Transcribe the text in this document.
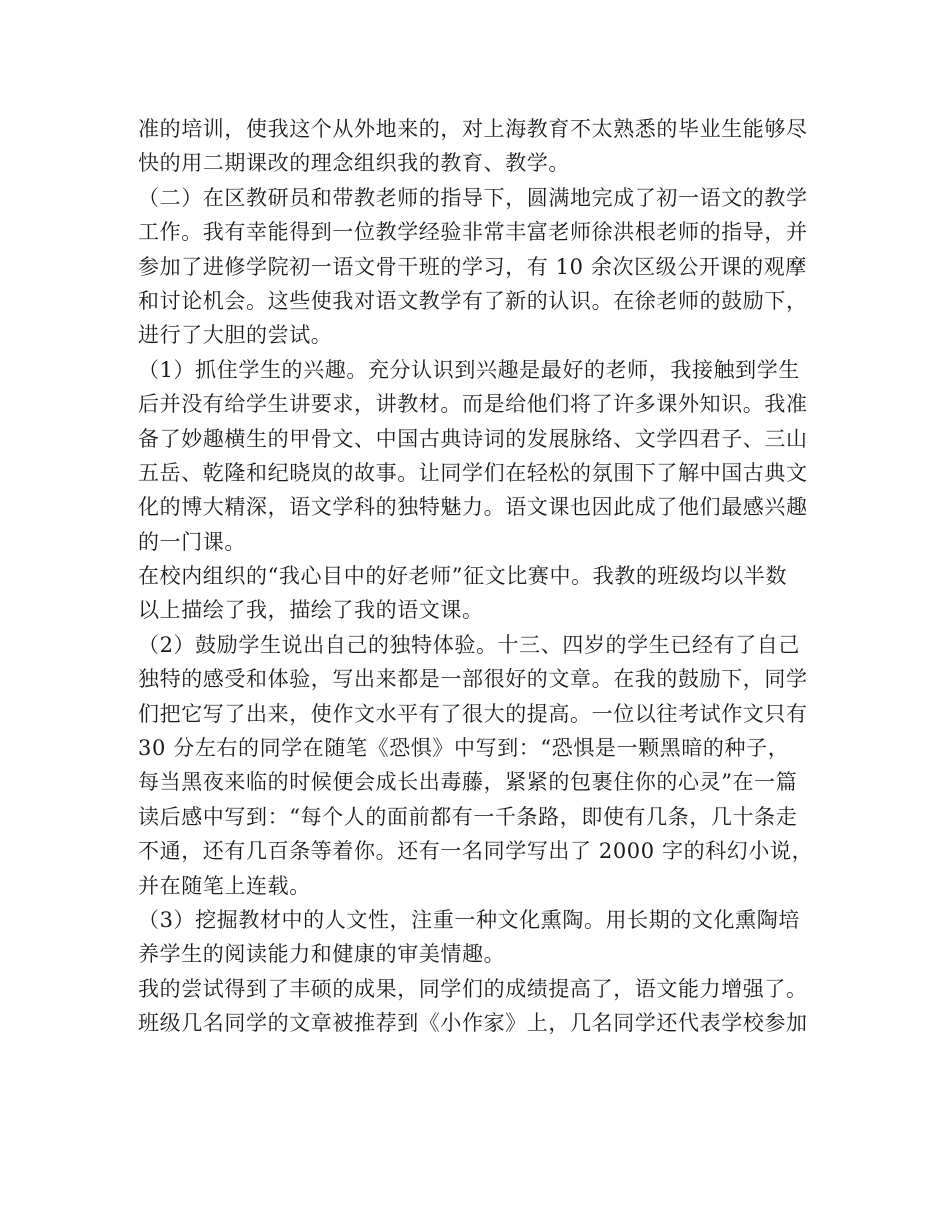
准的培训，使我这个从外地来的，对上海教育不太熟悉的毕业生能够尽
快的用二期课改的理念组织我的教育、教学。
（二）在区教研员和带教老师的指导下，圆满地完成了初一语文的教学
工作。我有幸能得到一位教学经验非常丰富老师徐洪根老师的指导，并
参加了进修学院初一语文骨干班的学习，有 10 余次区级公开课的观摩
和讨论机会。这些使我对语文教学有了新的认识。在徐老师的鼓励下，
进行了大胆的尝试。
（1）抓住学生的兴趣。充分认识到兴趣是最好的老师，我接触到学生
后并没有给学生讲要求，讲教材。而是给他们将了许多课外知识。我准
备了妙趣横生的甲骨文、中国古典诗词的发展脉络、文学四君子、三山
五岳、乾隆和纪晓岚的故事。让同学们在轻松的氛围下了解中国古典文
化的博大精深，语文学科的独特魅力。语文课也因此成了他们最感兴趣
的一门课。
在校内组织的“我心目中的好老师”征文比赛中。我教的班级均以半数
以上描绘了我，描绘了我的语文课。
（2）鼓励学生说出自己的独特体验。十三、四岁的学生已经有了自己
独特的感受和体验，写出来都是一部很好的文章。在我的鼓励下，同学
们把它写了出来，使作文水平有了很大的提高。一位以往考试作文只有
30 分左右的同学在随笔《恐惧》中写到：“恐惧是一颗黑暗的种子，
每当黑夜来临的时候便会成长出毒藤，紧紧的包裹住你的心灵”在一篇
读后感中写到：“每个人的面前都有一千条路，即使有几条，几十条走
不通，还有几百条等着你。还有一名同学写出了 2000 字的科幻小说，
并在随笔上连载。
（3）挖掘教材中的人文性，注重一种文化熏陶。用长期的文化熏陶培
养学生的阅读能力和健康的审美情趣。
我的尝试得到了丰硕的成果，同学们的成绩提高了，语文能力增强了。
班级几名同学的文章被推荐到《小作家》上，几名同学还代表学校参加
